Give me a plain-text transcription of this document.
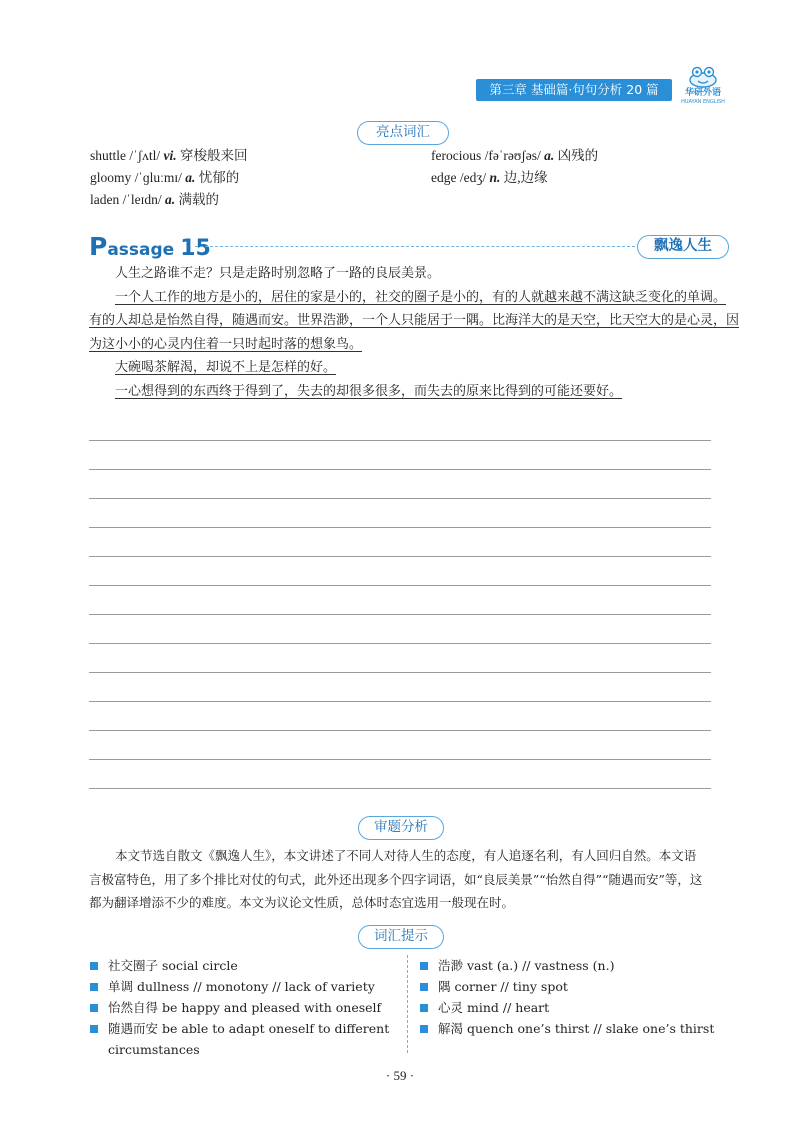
第三章 基础篇·句句分析 20 篇	华研外语
HUAYAN ENGLISH
亮点词汇
shuttle /ˈʃʌtl/ vi. 穿梭般来回
gloomy /ˈɡluːmɪ/ a. 忧郁的
laden /ˈleɪdn/ a. 满载的
ferocious /fəˈrəʊʃəs/ a. 凶残的
edge /edʒ/ n. 边,边缘
Passage 15	飘逸人生

人生之路谁不走？只是走路时别忽略了一路的良辰美景。

一个人工作的地方是小的，居住的家是小的，社交的圈子是小的，有的人就越来越不满这缺乏变化的单调。

有的人却总是怡然自得，随遇而安。世界浩渺，一个人只能居于一隅。比海洋大的是天空，比天空大的是心灵，因

为这小小的心灵内住着一只时起时落的想象鸟。

大碗喝茶解渴，却说不上是怎样的好。

一心想得到的东西终于得到了，失去的却很多很多，而失去的原来比得到的可能还要好。

审题分析

本文节选自散文《飘逸人生》，本文讲述了不同人对待人生的态度，有人追逐名利，有人回归自然。本文语

言极富特色，用了多个排比对仗的句式，此外还出现多个四字词语，如“良辰美景”“怡然自得”“随遇而安”等，这

都为翻译增添不少的难度。本文为议论文性质，总体时态宜选用一般现在时。

词汇提示
社交圈子 social circle
单调 dullness // monotony // lack of variety
怡然自得 be happy and pleased with oneself
随遇而安 be able to adapt oneself to different
circumstances
浩渺 vast (a.) // vastness (n.)
隅 corner // tiny spot
心灵 mind // heart
解渴 quench one’s thirst // slake one’s thirst
· 59 ·
